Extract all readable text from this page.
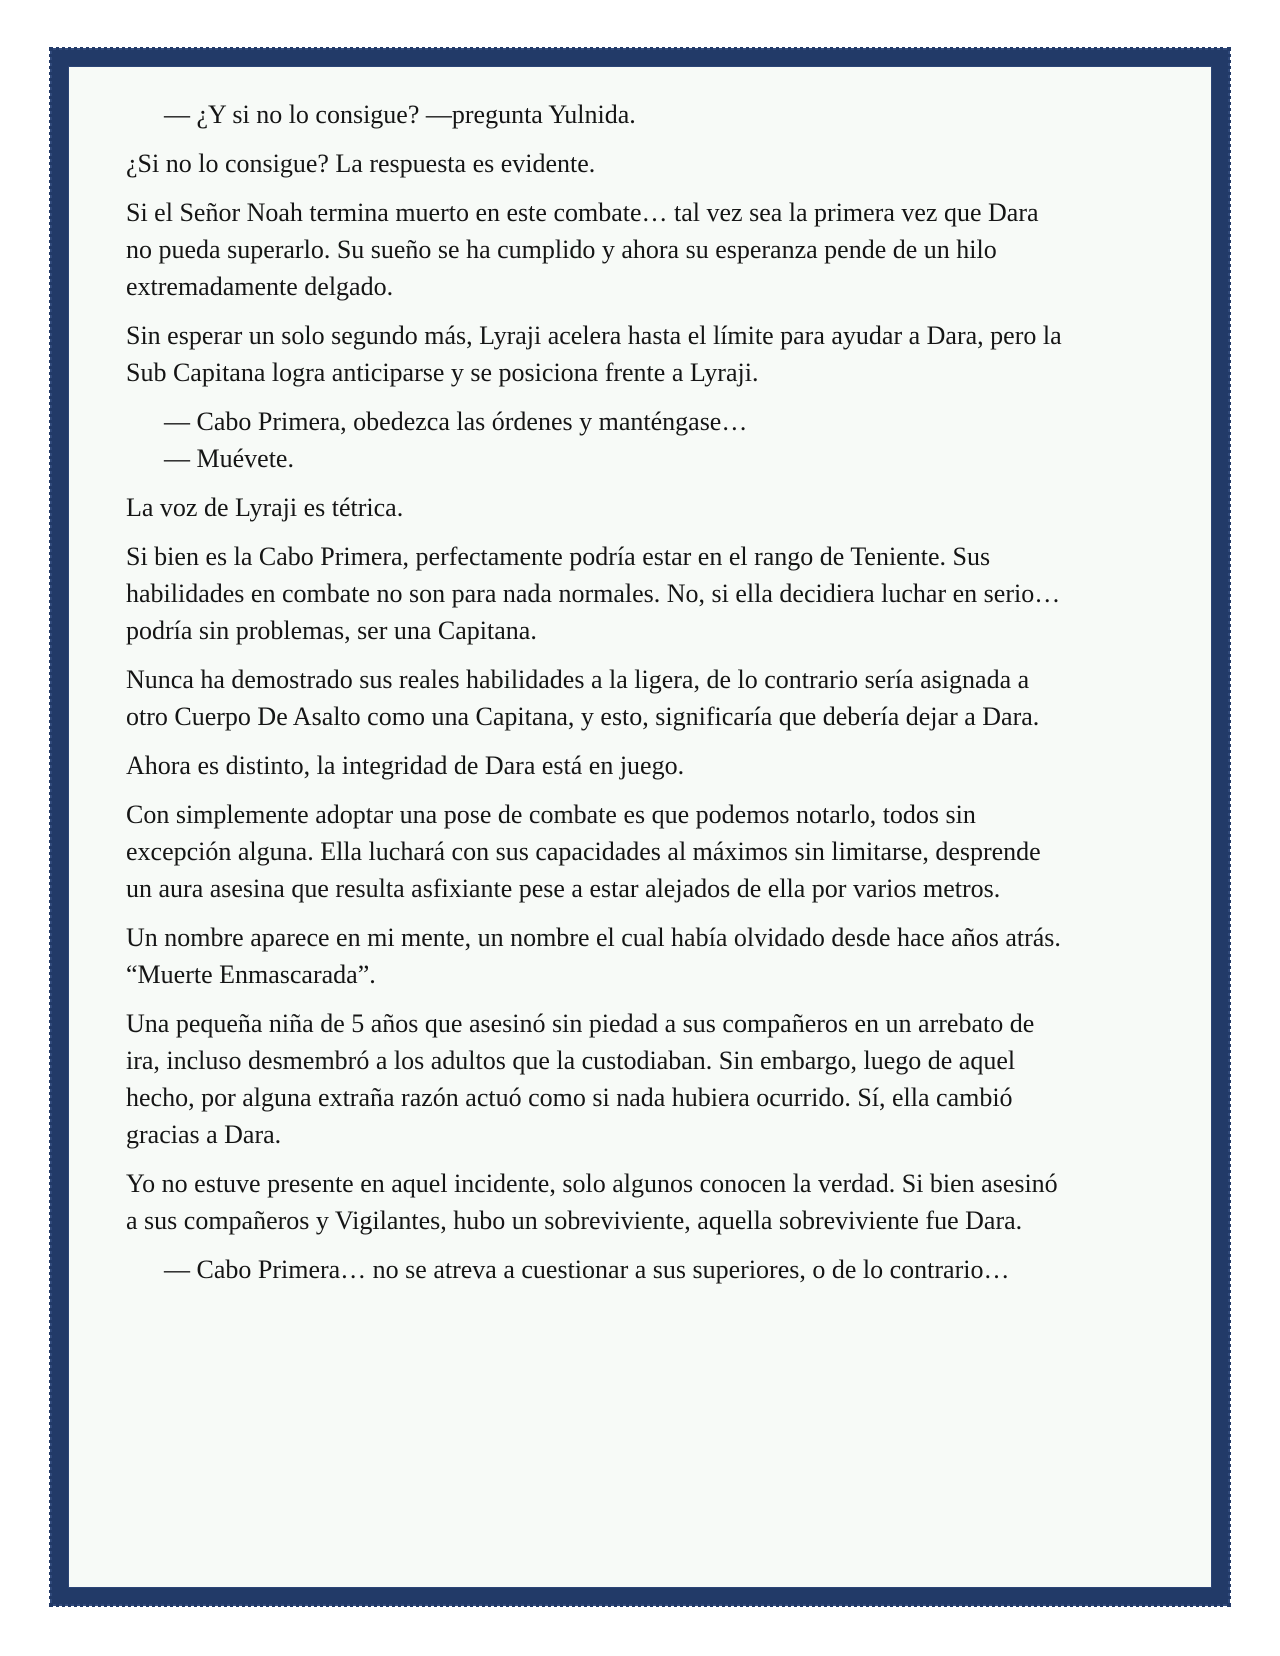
— ¿Y si no lo consigue? —pregunta Yulnida.

¿Si no lo consigue? La respuesta es evidente.

Si el Señor Noah termina muerto en este combate… tal vez sea la primera vez que Dara no pueda superarlo. Su sueño se ha cumplido y ahora su esperanza pende de un hilo extremadamente delgado.

Sin esperar un solo segundo más, Lyraji acelera hasta el límite para ayudar a Dara, pero la Sub Capitana logra anticiparse y se posiciona frente a Lyraji.

— Cabo Primera, obedezca las órdenes y manténgase…

— Muévete.

La voz de Lyraji es tétrica.

Si bien es la Cabo Primera, perfectamente podría estar en el rango de Teniente. Sus habilidades en combate no son para nada normales. No, si ella decidiera luchar en serio… podría sin problemas, ser una Capitana.

Nunca ha demostrado sus reales habilidades a la ligera, de lo contrario sería asignada a otro Cuerpo De Asalto como una Capitana, y esto, significaría que debería dejar a Dara.

Ahora es distinto, la integridad de Dara está en juego.

Con simplemente adoptar una pose de combate es que podemos notarlo, todos sin excepción alguna. Ella luchará con sus capacidades al máximos sin limitarse, desprende un aura asesina que resulta asfixiante pese a estar alejados de ella por varios metros.

Un nombre aparece en mi mente, un nombre el cual había olvidado desde hace años atrás. “Muerte Enmascarada”.

Una pequeña niña de 5 años que asesinó sin piedad a sus compañeros en un arrebato de ira, incluso desmembró a los adultos que la custodiaban. Sin embargo, luego de aquel hecho, por alguna extraña razón actuó como si nada hubiera ocurrido. Sí, ella cambió gracias a Dara.

Yo no estuve presente en aquel incidente, solo algunos conocen la verdad. Si bien asesinó a sus compañeros y Vigilantes, hubo un sobreviviente, aquella sobreviviente fue Dara.

— Cabo Primera… no se atreva a cuestionar a sus superiores, o de lo contrario…
